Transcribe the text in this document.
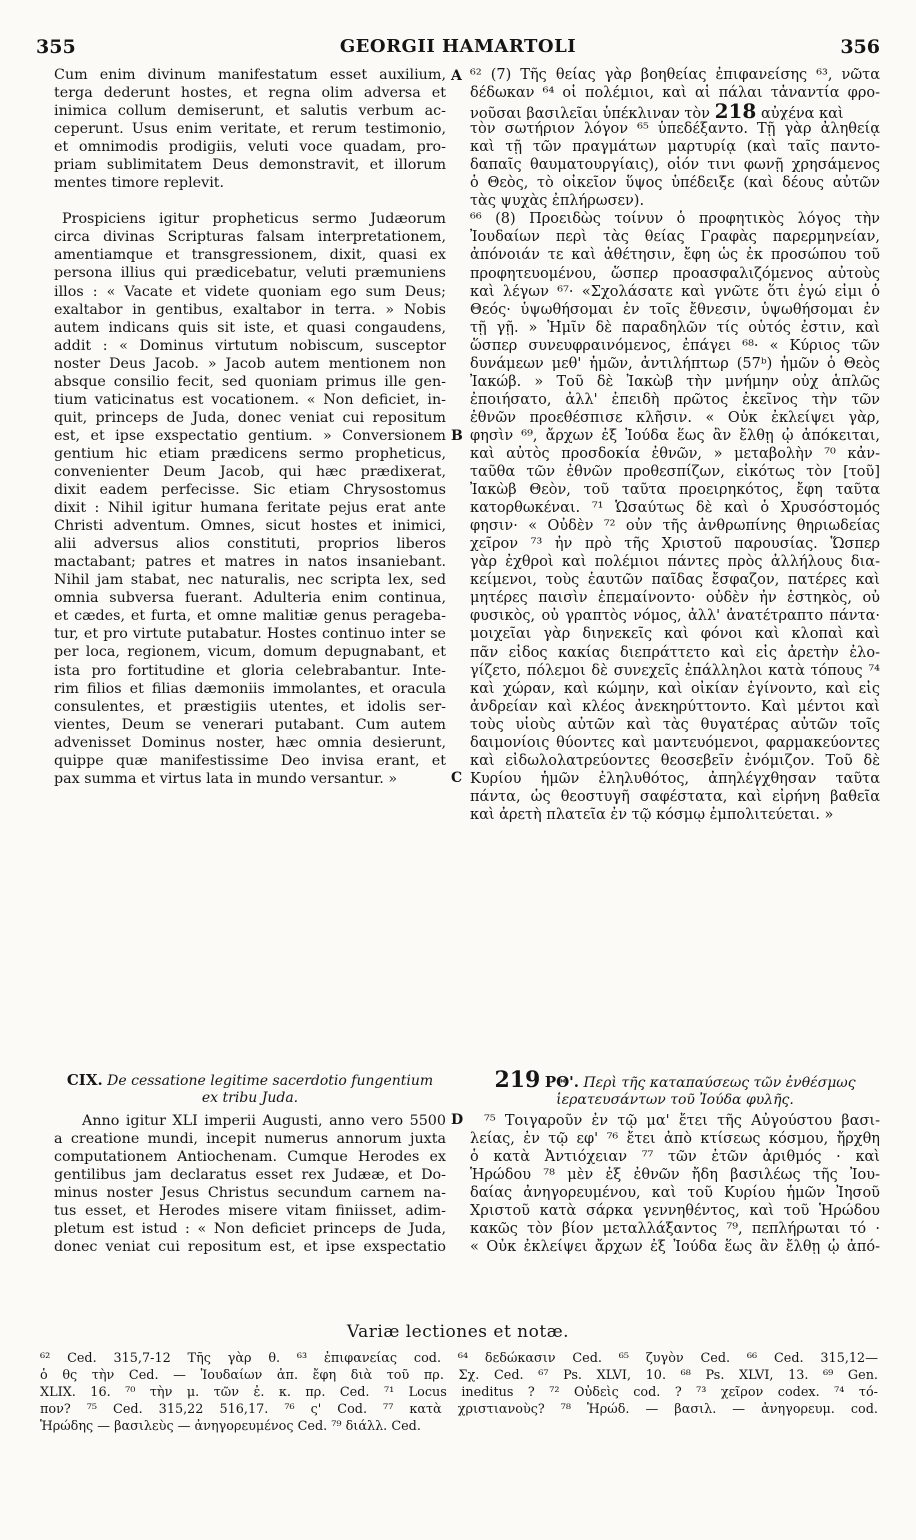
355	GEORGII HAMARTOLI	356
A
B
C
D
Cum enim divinum manifestatum esset auxilium,
terga dederunt hostes, et regna olim adversa et
inimica collum demiserunt, et salutis verbum ac-
ceperunt. Usus enim veritate, et rerum testimonio,
et omnimodis prodigiis, veluti voce quadam, pro-
priam sublimitatem Deus demonstravit, et illorum
mentes timore replevit.
Prospiciens igitur propheticus sermo Judæorum
circa divinas Scripturas falsam interpretationem,
amentiamque et transgressionem, dixit, quasi ex
persona illius qui prædicebatur, veluti præmuniens
illos : « Vacate et videte quoniam ego sum Deus;
exaltabor in gentibus, exaltabor in terra. » Nobis
autem indicans quis sit iste, et quasi congaudens,
addit : « Dominus virtutum nobiscum, susceptor
noster Deus Jacob. » Jacob autem mentionem non
absque consilio fecit, sed quoniam primus ille gen-
tium vaticinatus est vocationem. « Non deficiet, in-
quit, princeps de Juda, donec veniat cui repositum
est, et ipse exspectatio gentium. » Conversionem
gentium hic etiam prædicens sermo propheticus,
convenienter Deum Jacob, qui hæc prædixerat,
dixit eadem perfecisse. Sic etiam Chrysostomus
dixit : Nihil igitur humana feritate pejus erat ante
Christi adventum. Omnes, sicut hostes et inimici,
alii adversus alios constituti, proprios liberos
mactabant; patres et matres in natos insaniebant.
Nihil jam stabat, nec naturalis, nec scripta lex, sed
omnia subversa fuerant. Adulteria enim continua,
et cædes, et furta, et omne malitiæ genus perageba-
tur, et pro virtute putabatur. Hostes continuo inter se
per loca, regionem, vicum, domum depugnabant, et
ista pro fortitudine et gloria celebrabantur. Inte-
rim filios et filias dæmoniis immolantes, et oracula
consulentes, et præstigiis utentes, et idolis ser-
vientes, Deum se venerari putabant. Cum autem
advenisset Dominus noster, hæc omnia desierunt,
quippe quæ manifestissime Deo invisa erant, et
pax summa et virtus lata in mundo versantur. »
CIX. De cessatione legitime sacerdotio fungentium
ex tribu Juda.
Anno igitur XLI imperii Augusti, anno vero 5500
a creatione mundi, incepit numerus annorum juxta
computationem Antiochenam. Cumque Herodes ex
gentilibus jam declaratus esset rex Judææ, et Do-
minus noster Jesus Christus secundum carnem na-
tus esset, et Herodes misere vitam finiisset, adim-
pletum est istud : « Non deficiet princeps de Juda,
donec veniat cui repositum est, et ipse exspectatio
⁶² (7) Τῆς θείας γὰρ βοηθείας ἐπιφανείσης ⁶³, νῶτα
δέδωκαν ⁶⁴ οἱ πολέμιοι, καὶ αἱ πάλαι τἀναντία φρο-
νοῦσαι βασιλεῖαι ὑπέκλιναν τὸν 218 αὐχένα καὶ
τὸν σωτήριον λόγον ⁶⁵ ὑπεδέξαντο. Τῇ γὰρ ἀληθείᾳ
καὶ τῇ τῶν πραγμάτων μαρτυρίᾳ (καὶ ταῖς παντο-
δαπαῖς θαυματουργίαις), οἷόν τινι φωνῇ χρησάμενος
ὁ Θεὸς, τὸ οἰκεῖον ὕψος ὑπέδειξε (καὶ δέους αὐτῶν
τὰς ψυχὰς ἐπλήρωσεν).
⁶⁶ (8) Προειδὼς τοίνυν ὁ προφητικὸς λόγος τὴν
Ἰουδαίων περὶ τὰς θείας Γραφὰς παρερμηνείαν,
ἀπόνοιάν τε καὶ ἀθέτησιν, ἔφη ὡς ἐκ προσώπου τοῦ
προφητευομένου, ὥσπερ προασφαλιζόμενος αὐτοὺς
καὶ λέγων ⁶⁷· «Σχολάσατε καὶ γνῶτε ὅτι ἐγώ εἰμι ὁ
Θεός· ὑψωθήσομαι ἐν τοῖς ἔθνεσιν, ὑψωθήσομαι ἐν
τῇ γῇ. » Ἡμῖν δὲ παραδηλῶν τίς οὗτός ἐστιν, καὶ
ὥσπερ συνευφραινόμενος, ἐπάγει ⁶⁸· « Κύριος τῶν
δυνάμεων μεθ' ἡμῶν, ἀντιλήπτωρ (57ᵇ) ἡμῶν ὁ Θεὸς
Ἰακώβ. » Τοῦ δὲ Ἰακὼβ τὴν μνήμην οὐχ ἁπλῶς
ἐποιήσατο, ἀλλ' ἐπειδὴ πρῶτος ἐκεῖνος τὴν τῶν
ἐθνῶν προεθέσπισε κλῆσιν. « Οὐκ ἐκλείψει γὰρ,
φησὶν ⁶⁹, ἄρχων ἐξ Ἰούδα ἕως ἂν ἔλθῃ ᾧ ἀπόκειται,
καὶ αὐτὸς προσδοκία ἐθνῶν, » μεταβολὴν ⁷⁰ κἀν-
ταῦθα τῶν ἐθνῶν προθεσπίζων, εἰκότως τὸν [τοῦ]
Ἰακὼβ Θεὸν, τοῦ ταῦτα προειρηκότος, ἔφη ταῦτα
κατορθωκέναι. ⁷¹ Ὡσαύτως δὲ καὶ ὁ Χρυσόστομός
φησιν· « Οὐδὲν ⁷² οὖν τῆς ἀνθρωπίνης θηριωδείας
χεῖρον ⁷³ ἦν πρὸ τῆς Χριστοῦ παρουσίας. Ὥσπερ
γὰρ ἐχθροὶ καὶ πολέμιοι πάντες πρὸς ἀλλήλους δια-
κείμενοι, τοὺς ἑαυτῶν παῖδας ἔσφαζον, πατέρες καὶ
μητέρες παισὶν ἐπεμαίνοντο· οὐδὲν ἦν ἑστηκὸς, οὐ
φυσικὸς, οὐ γραπτὸς νόμος, ἀλλ' ἀνατέτραπτο πάντα·
μοιχεῖαι γὰρ διηνεκεῖς καὶ φόνοι καὶ κλοπαὶ καὶ
πᾶν εἶδος κακίας διεπράττετο καὶ εἰς ἀρετὴν ἐλο-
γίζετο, πόλεμοι δὲ συνεχεῖς ἐπάλληλοι κατὰ τόπους ⁷⁴
καὶ χώραν, καὶ κώμην, καὶ οἰκίαν ἐγίνοντο, καὶ εἰς
ἀνδρείαν καὶ κλέος ἀνεκηρύττοντο. Καὶ μέντοι καὶ
τοὺς υἱοὺς αὐτῶν καὶ τὰς θυγατέρας αὐτῶν τοῖς
δαιμονίοις θύοντες καὶ μαντευόμενοι, φαρμακεύοντες
καὶ εἰδωλολατρεύοντες θεοσεβεῖν ἐνόμιζον. Τοῦ δὲ
Κυρίου ἡμῶν ἐληλυθότος, ἀπηλέγχθησαν ταῦτα
πάντα, ὡς θεοστυγῆ σαφέστατα, καὶ εἰρήνη βαθεῖα
καὶ ἀρετὴ πλατεῖα ἐν τῷ κόσμῳ ἐμπολιτεύεται. »
219 ΡΘ'. Περὶ τῆς καταπαύσεως τῶν ἐνθέσμως
ἱερατευσάντων τοῦ Ἰούδα φυλῆς.
⁷⁵ Τοιγαροῦν ἐν τῷ μα' ἔτει τῆς Αὐγούστου βασι-
λείας, ἐν τῷ εφ' ⁷⁶ ἔτει ἀπὸ κτίσεως κόσμου, ἤρχθη
ὁ κατὰ Ἀντιόχειαν ⁷⁷ τῶν ἐτῶν ἀριθμός · καὶ
Ἡρώδου ⁷⁸ μὲν ἐξ ἐθνῶν ἤδη βασιλέως τῆς Ἰου-
δαίας ἀνηγορευμένου, καὶ τοῦ Κυρίου ἡμῶν Ἰησοῦ
Χριστοῦ κατὰ σάρκα γεννηθέντος, καὶ τοῦ Ἡρώδου
κακῶς τὸν βίον μεταλλάξαντος ⁷⁹, πεπλήρωται τό ·
« Οὐκ ἐκλείψει ἄρχων ἐξ Ἰούδα ἕως ἂν ἔλθῃ ᾧ ἀπό-
Variæ lectiones et notæ.
⁶² Ced. 315,7-12 Τῆς γὰρ θ. ⁶³ ἐπιφανείας cod. ⁶⁴ δεδώκασιν Ced. ⁶⁵ ζυγὸν Ced. ⁶⁶ Ced. 315,12—
ὁ θς τὴν Ced. — Ἰουδαίων ἀπ. ἔφη διὰ τοῦ πρ. Σχ. Ced. ⁶⁷ Ps. XLVI, 10. ⁶⁸ Ps. XLVI, 13. ⁶⁹ Gen.
XLIX. 16. ⁷⁰ τὴν μ. τῶν ἐ. κ. πρ. Ced. ⁷¹ Locus ineditus ? ⁷² Οὐδεὶς cod. ? ⁷³ χεῖρον codex. ⁷⁴ τό-
πον? ⁷⁵ Ced. 315,22 516,17. ⁷⁶ ς' Cod. ⁷⁷ κατὰ χριστιανοὺς? ⁷⁸ Ἡρώδ. — βασιλ. — ἀνηγορευμ. cod.
Ἡρώδης — βασιλεὺς — ἀνηγορευμένος Ced. ⁷⁹ διάλλ. Ced.
